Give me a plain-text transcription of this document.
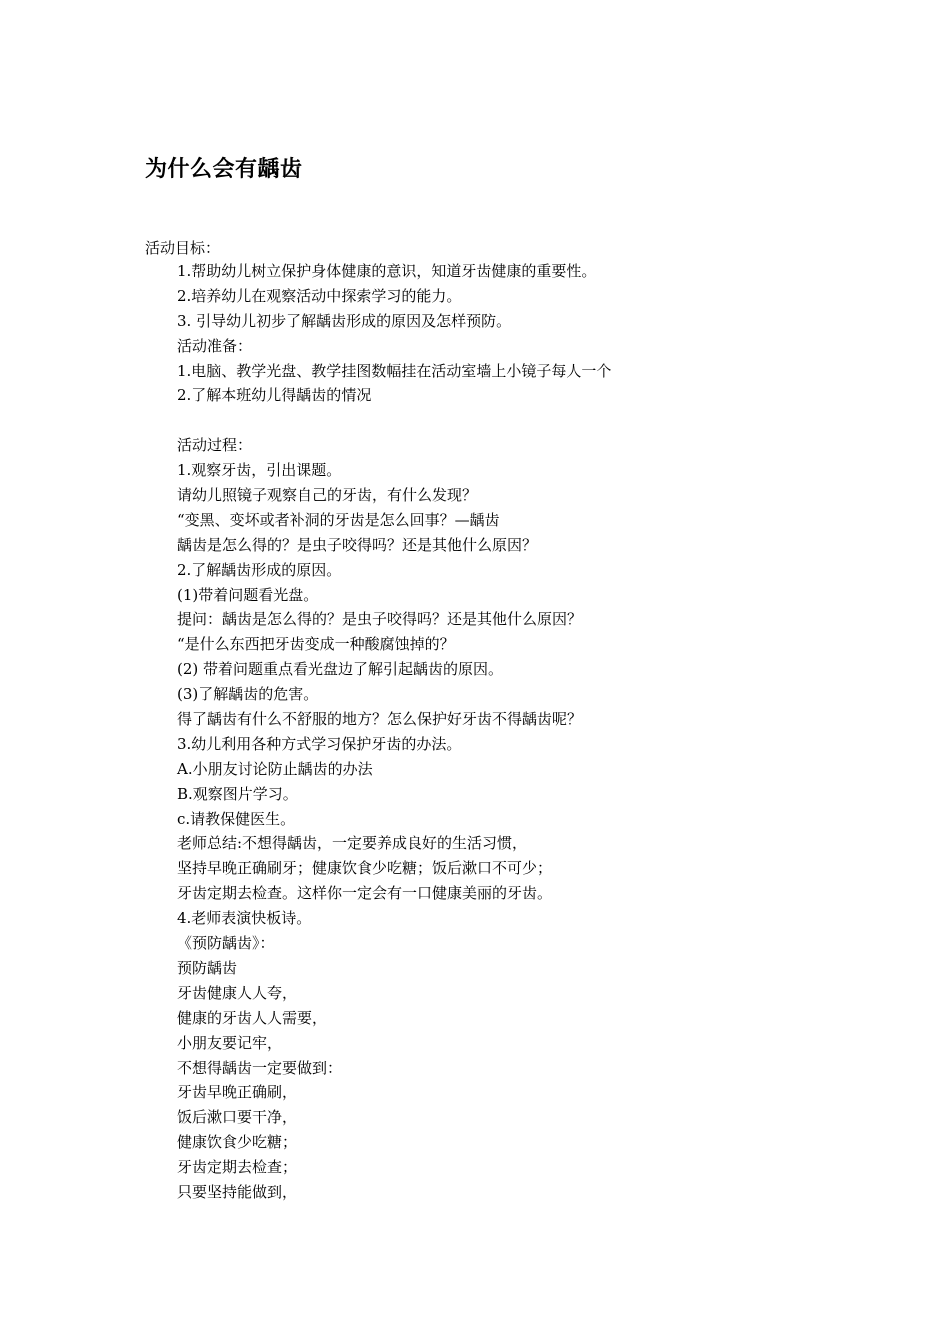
为什么会有龋齿
活动目标：
1.帮助幼儿树立保护身体健康的意识，知道牙齿健康的重要性。
2.培养幼儿在观察活动中探索学习的能力。
3. 引导幼儿初步了解龋齿形成的原因及怎样预防。
活动准备：
1.电脑、教学光盘、教学挂图数幅挂在活动室墙上小镜子每人一个
2.了解本班幼儿得龋齿的情况
活动过程：
1.观察牙齿，引出课题。
请幼儿照镜子观察自己的牙齿，有什么发现？
“变黑、变坏或者补洞的牙齿是怎么回事？—龋齿
龋齿是怎么得的？是虫子咬得吗？还是其他什么原因？
2.了解龋齿形成的原因。
(1)带着问题看光盘。
提问：龋齿是怎么得的？是虫子咬得吗？还是其他什么原因？
“是什么东西把牙齿变成一种酸腐蚀掉的？
(2) 带着问题重点看光盘边了解引起龋齿的原因。
(3)了解龋齿的危害。
得了龋齿有什么不舒服的地方？怎么保护好牙齿不得龋齿呢？
3.幼儿利用各种方式学习保护牙齿的办法。
A.小朋友讨论防止龋齿的办法
B.观察图片学习。
c.请教保健医生。
老师总结:不想得龋齿，一定要养成良好的生活习惯，
坚持早晚正确刷牙；健康饮食少吃糖；饭后漱口不可少；
牙齿定期去检查。这样你一定会有一口健康美丽的牙齿。
4.老师表演快板诗。
《预防龋齿》：
预防龋齿
牙齿健康人人夸，
健康的牙齿人人需要，
小朋友要记牢，
不想得龋齿一定要做到：
牙齿早晚正确刷，
饭后漱口要干净，
健康饮食少吃糖；
牙齿定期去检查；
只要坚持能做到，
